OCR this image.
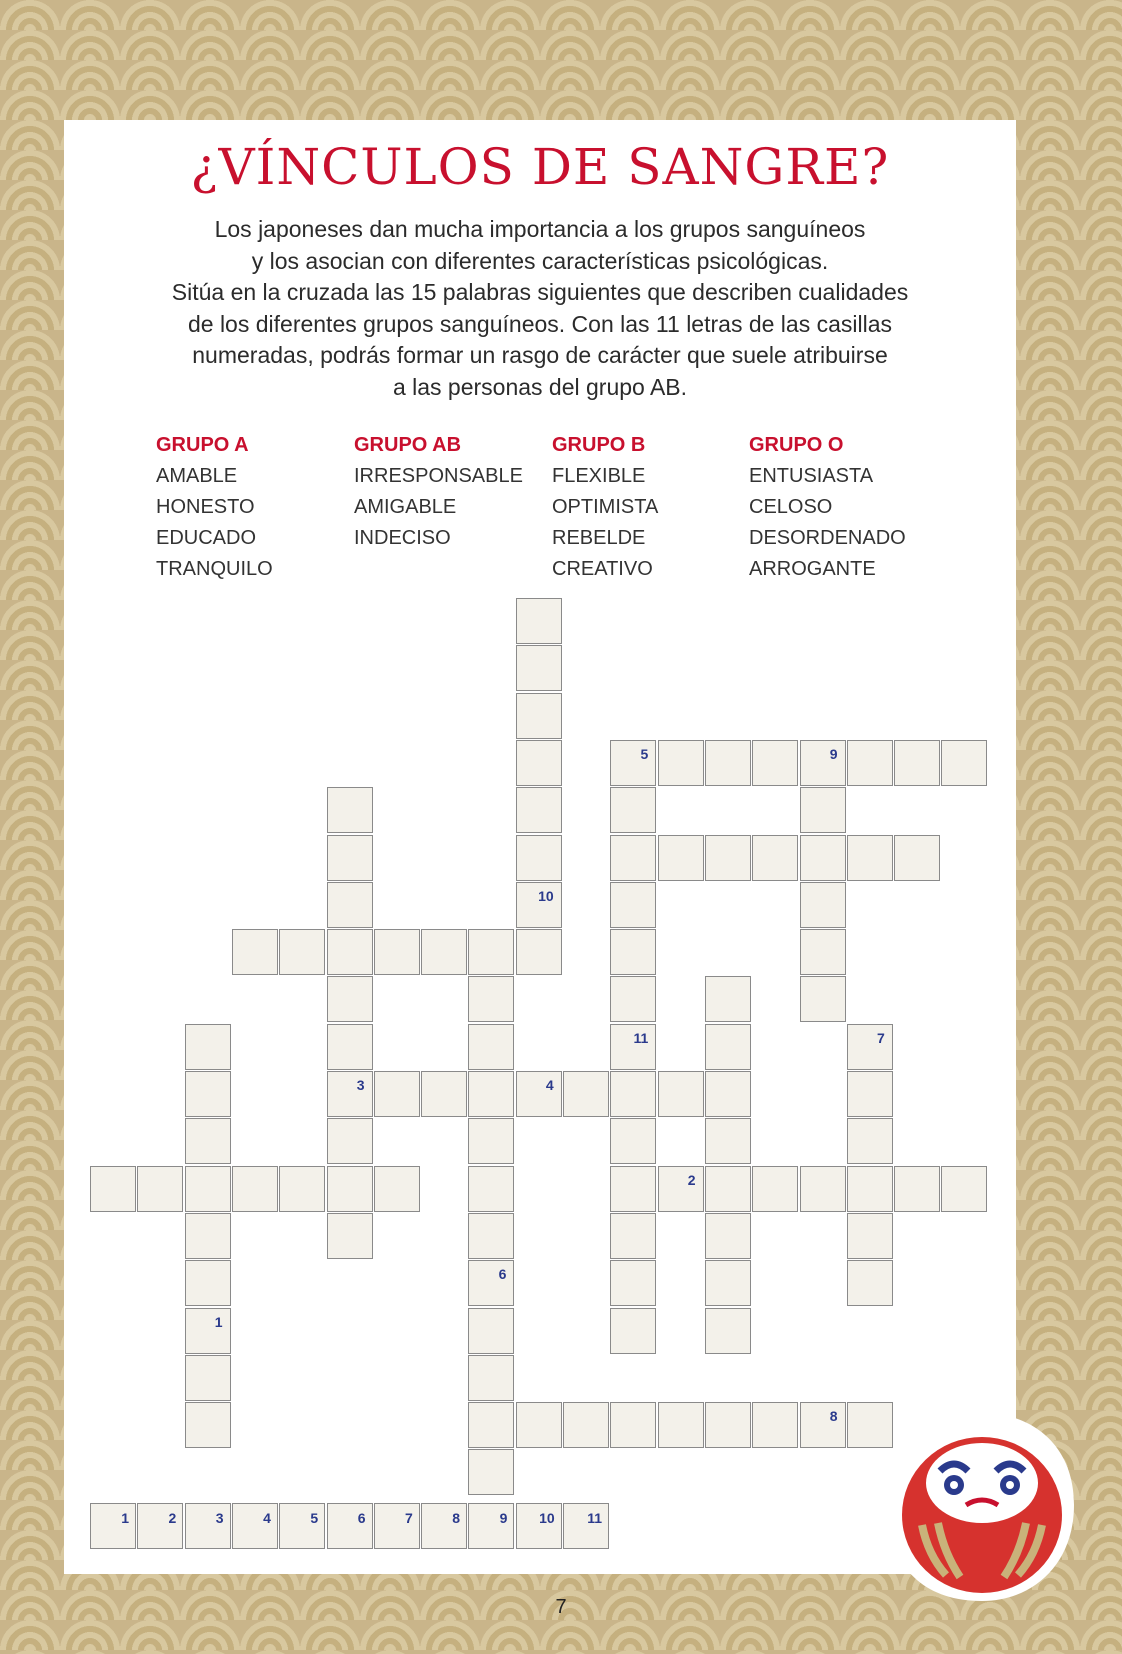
¿VÍNCULOS DE SANGRE?

Los japoneses dan mucha importancia a los grupos sanguíneos
y los asocian con diferentes características psicológicas.
Sitúa en la cruzada las 15 palabras siguientes que describen cualidades
de los diferentes grupos sanguíneos. Con las 11 letras de las casillas
numeradas, podrás formar un rasgo de carácter que suele atribuirse
a las personas del grupo AB.

GRUPO A
AMABLE
HONESTO
EDUCADO
TRANQUILO
GRUPO AB
IRRESPONSABLE
AMIGABLE
INDECISO
GRUPO B
FLEXIBLE
OPTIMISTA
REBELDE
CREATIVO
GRUPO O
ENTUSIASTA
CELOSO
DESORDENADO
ARROGANTE
10
5	9
11
3
6
4
1
7
2
8
1	2	3	4	5	6	7	8	9 10 11
7
